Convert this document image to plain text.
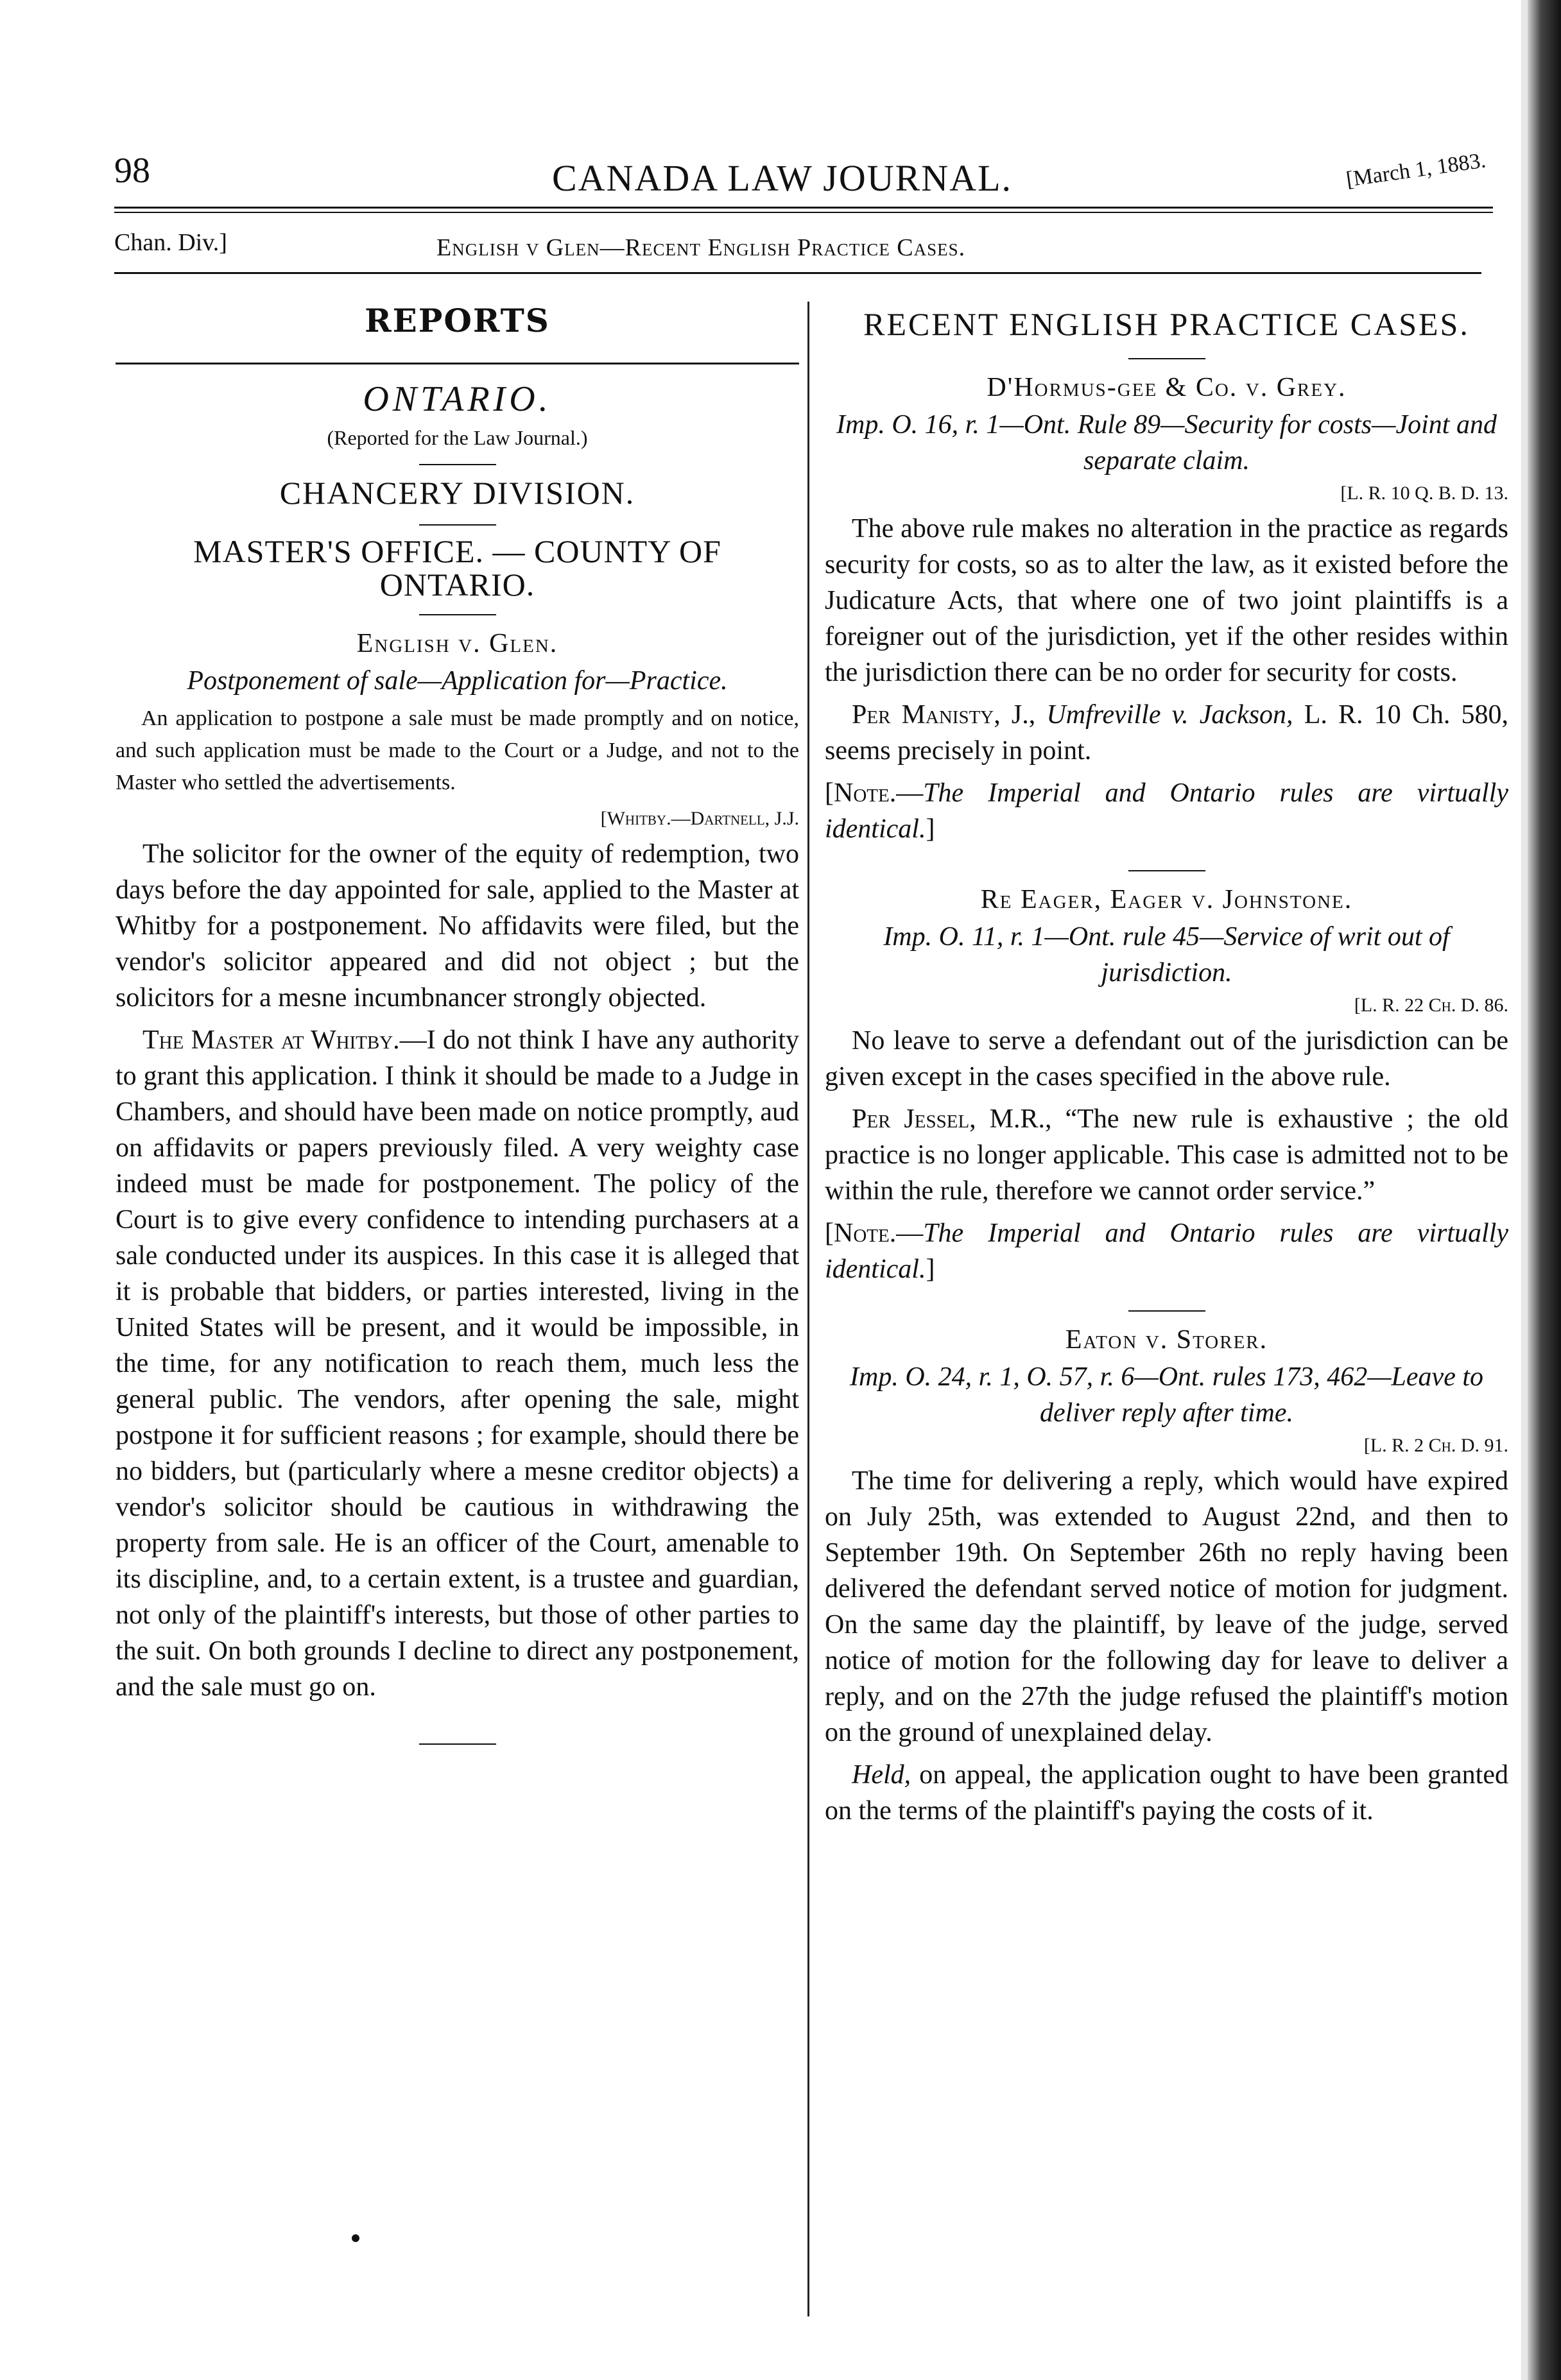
98	CANADA LAW JOURNAL.	[March 1, 1883.
Chan. Div.]	English v Glen—Recent English Practice Cases.
REPORTS
ONTARIO.
(Reported for the Law Journal.)
CHANCERY DIVISION.
MASTER'S OFFICE. — COUNTY OF ONTARIO.
English v. Glen.
Postponement of sale—Application for—Practice.

An application to postpone a sale must be made promptly and on notice, and such application must be made to the Court or a Judge, and not to the Master who settled the advertisements.

[Whitby.—Dartnell, J.J.

The solicitor for the owner of the equity of redemption, two days before the day appointed for sale, applied to the Master at Whitby for a postponement. No affidavits were filed, but the vendor's solicitor appeared and did not object ; but the solicitors for a mesne incumbnancer strongly objected.

The Master at Whitby.—I do not think I have any authority to grant this application. I think it should be made to a Judge in Chambers, and should have been made on notice promptly, aud on affidavits or papers previously filed. A very weighty case indeed must be made for postponement. The policy of the Court is to give every confidence to intending purchasers at a sale conducted under its auspices. In this case it is alleged that it is probable that bidders, or parties interested, living in the United States will be present, and it would be impossible, in the time, for any notification to reach them, much less the general public. The vendors, after opening the sale, might postpone it for sufficient reasons ; for example, should there be no bidders, but (particularly where a mesne creditor objects) a vendor's solicitor should be cautious in withdrawing the property from sale. He is an officer of the Court, amenable to its discipline, and, to a certain extent, is a trustee and guardian, not only of the plaintiff's interests, but those of other parties to the suit. On both grounds I decline to direct any postponement, and the sale must go on.

RECENT ENGLISH PRACTICE CASES.
D'Hormus-gee & Co. v. Grey.
Imp. O. 16, r. 1—Ont. Rule 89—Security for costs—Joint and separate claim.
[L. R. 10 Q. B. D. 13.

The above rule makes no alteration in the practice as regards security for costs, so as to alter the law, as it existed before the Judicature Acts, that where one of two joint plaintiffs is a foreigner out of the jurisdiction, yet if the other resides within the jurisdiction there can be no order for security for costs.

Per Manisty, J., Umfreville v. Jackson, L. R. 10 Ch. 580, seems precisely in point.

[Note.—The Imperial and Ontario rules are virtually identical.]

Re Eager, Eager v. Johnstone.
Imp. O. 11, r. 1—Ont. rule 45—Service of writ out of jurisdiction.
[L. R. 22 Ch. D. 86.

No leave to serve a defendant out of the jurisdiction can be given except in the cases specified in the above rule.

Per Jessel, M.R., “The new rule is exhaustive ; the old practice is no longer applicable. This case is admitted not to be within the rule, therefore we cannot order service.”

[Note.—The Imperial and Ontario rules are virtually identical.]

Eaton v. Storer.
Imp. O. 24, r. 1, O. 57, r. 6—Ont. rules 173, 462—Leave to deliver reply after time.
[L. R. 2 Ch. D. 91.

The time for delivering a reply, which would have expired on July 25th, was extended to August 22nd, and then to September 19th. On September 26th no reply having been delivered the defendant served notice of motion for judgment. On the same day the plaintiff, by leave of the judge, served notice of motion for the following day for leave to deliver a reply, and on the 27th the judge refused the plaintiff's motion on the ground of unexplained delay.

Held, on appeal, the application ought to have been granted on the terms of the plaintiff's paying the costs of it.
